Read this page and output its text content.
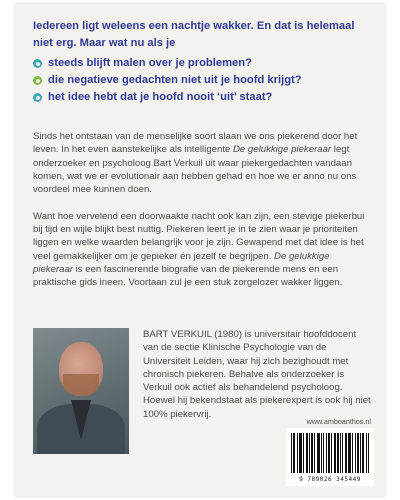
Iedereen ligt weleens een nachtje wakker. En dat is helemaal niet erg. Maar wat nu als je

steeds blijft malen over je problemen?
die negatieve gedachten niet uit je hoofd krijgt?
het idee hebt dat je hoofd nooit ‘uit’ staat?

Sinds het ontstaan van de menselijke soort slaan we ons piekerend door het leven. In het even aanstekelijke als intelligente De gelukkige piekeraar legt onderzoeker en psycholoog Bart Verkuil uit waar piekergedachten vandaan komen, wat we er evolutionair aan hebben gehad en hoe we er anno nu ons voordeel mee kunnen doen.

Want hoe vervelend een doorwaakte nacht ook kan zijn, een stevige piekerbui bij tijd en wijle blijkt best nuttig. Piekeren leert je in te zien waar je prioriteiten liggen en welke waarden belangrijk voor je zijn. Gewapend met dat idee is het veel gemakkelijker om je gepieker én jezelf te begrijpen. De gelukkige piekeraar is een fascinerende biografie van de piekerende mens en een praktische gids ineen. Voortaan zul je een stuk zorgelozer wakker liggen.

BART VERKUIL (1980) is universitair hoofddocent van de sectie Klinische Psychologie van de Universiteit Leiden, waar hij zich bezighoudt met chronisch piekeren. Behalve als onderzoeker is Verkuil ook actief als behandelend psycholoog. Hoewel hij bekendstaat als piekerexpert is ook hij niet 100% piekervrij.

www.amboanthos.nl
9 789026 345449
